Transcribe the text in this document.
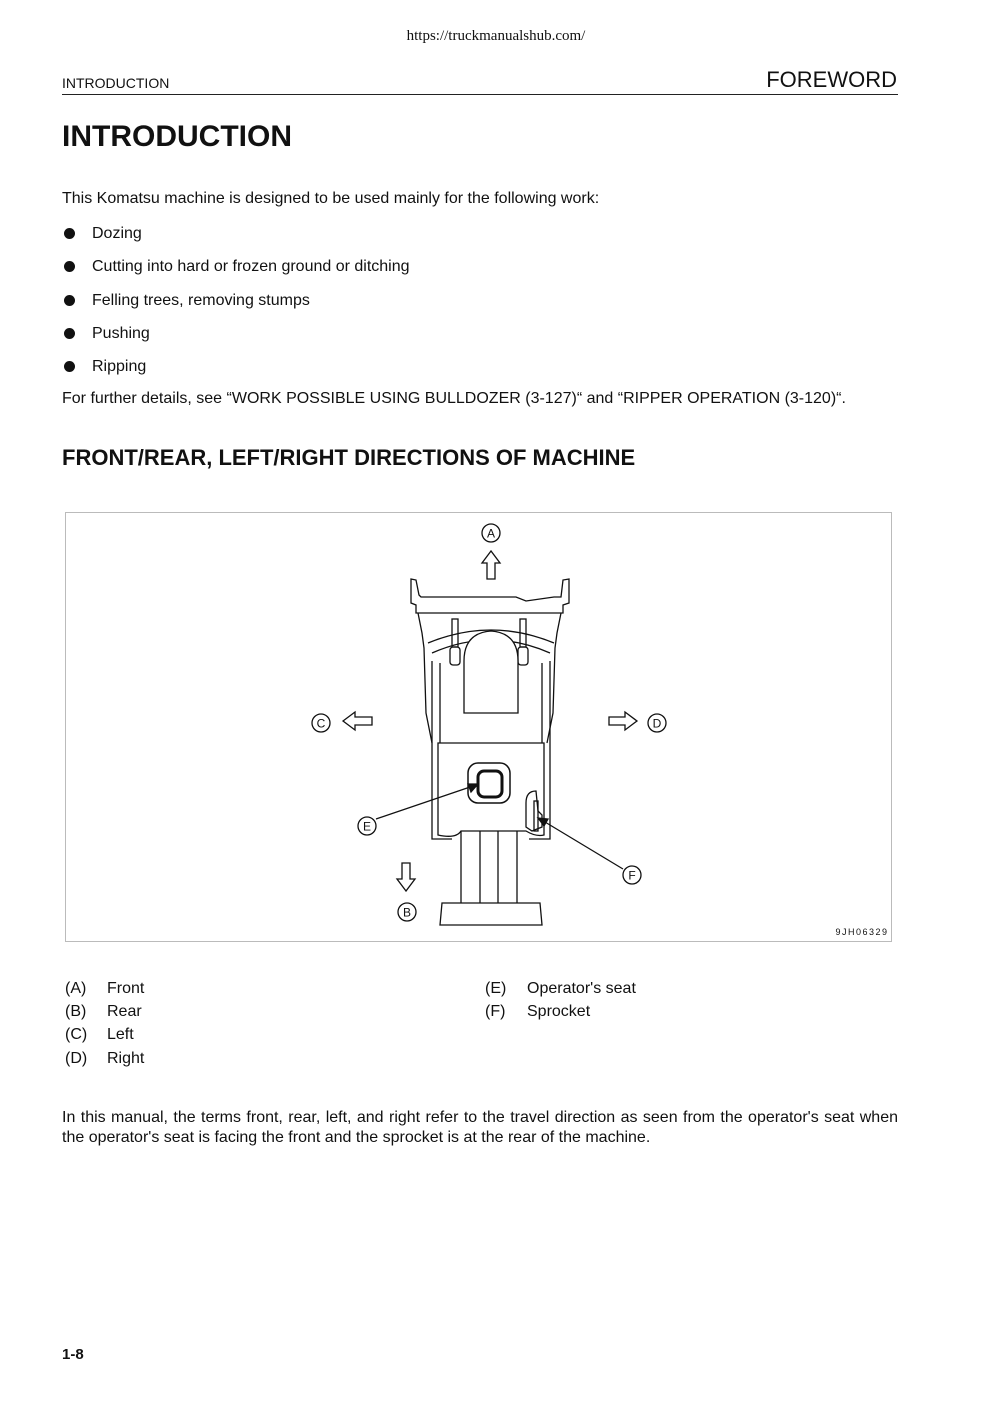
https://truckmanualshub.com/
INTRODUCTION	FOREWORD
INTRODUCTION

This Komatsu machine is designed to be used mainly for the following work:

Dozing
Cutting into hard or frozen ground or ditching
Felling trees, removing stumps
Pushing
Ripping

For further details, see “WORK POSSIBLE USING BULLDOZER (3-127)“ and “RIPPER OPERATION (3-120)“.

FRONT/REAR, LEFT/RIGHT DIRECTIONS OF MACHINE
A
B
C	D
E
F
9JH06329
(A) Front
(B) Rear
(C) Left
(D) Right
(E) Operator's seat
(F) Sprocket

In this manual, the terms front, rear, left, and right refer to the travel direction as seen from the operator's seat when the operator's seat is facing the front and the sprocket is at the rear of the machine.

1-8
